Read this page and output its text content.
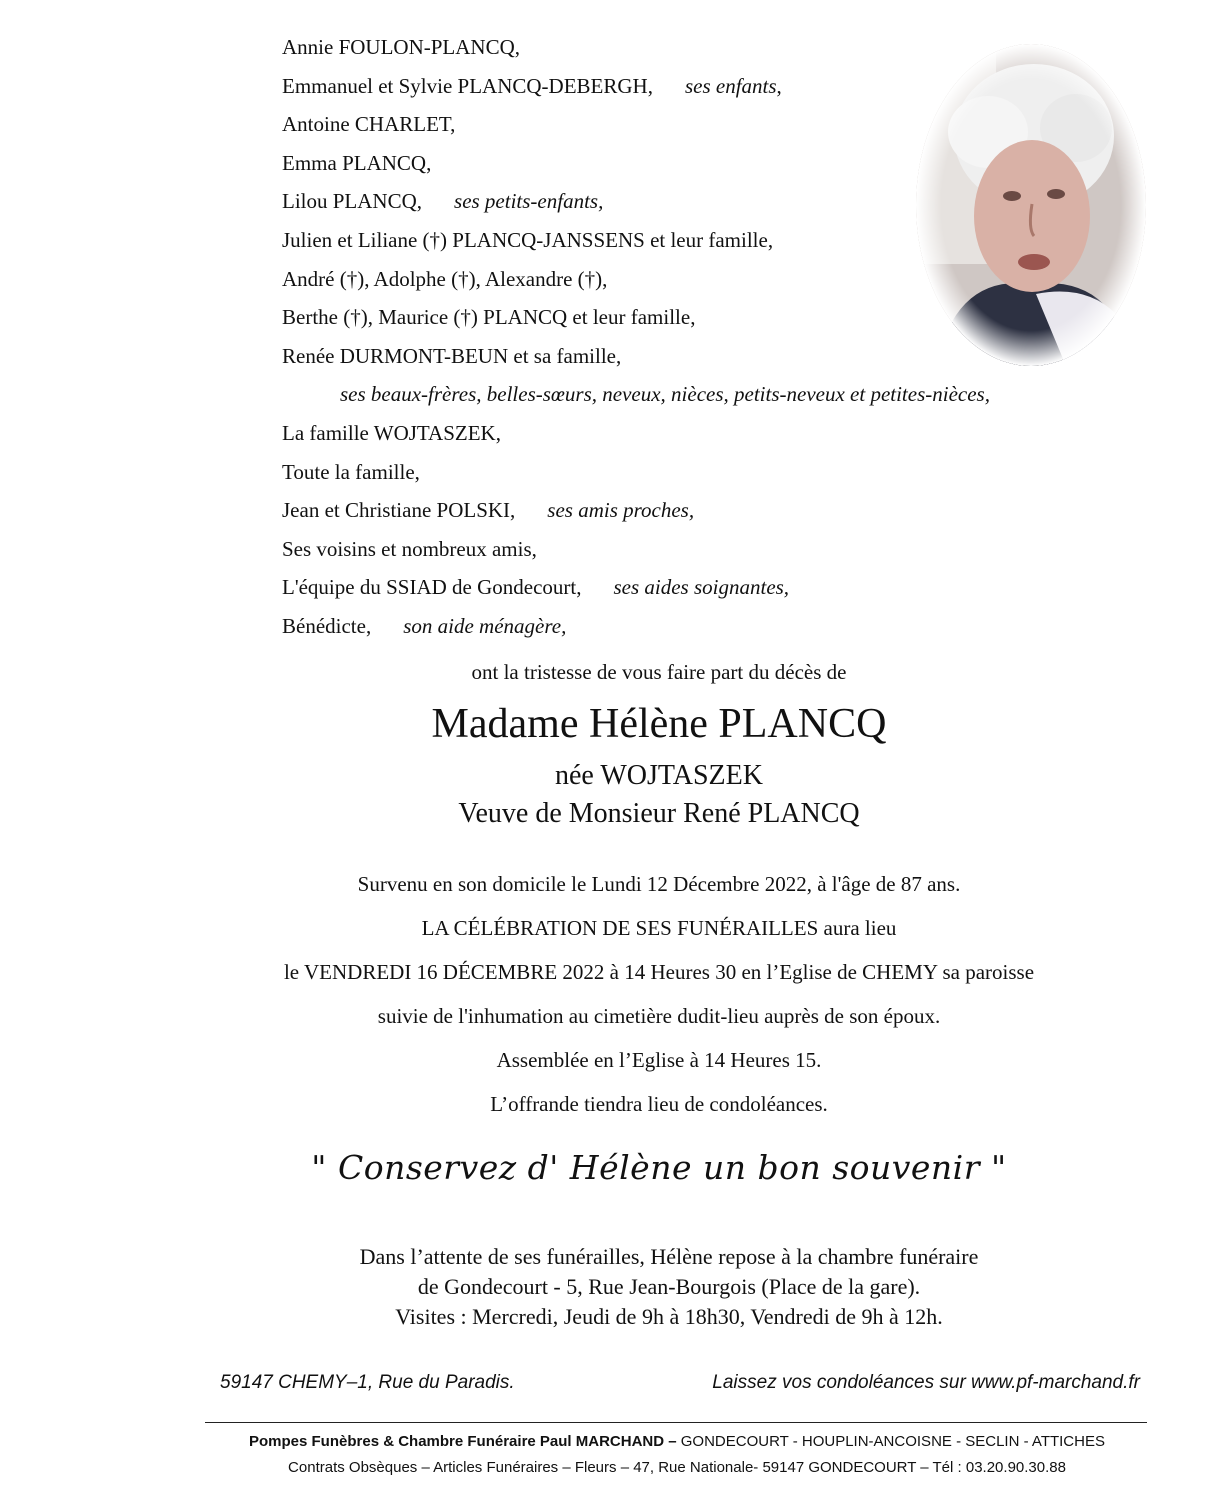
Annie FOULON-PLANCQ,
Emmanuel et Sylvie PLANCQ-DEBERGH, ses enfants,
Antoine CHARLET,
Emma PLANCQ,
Lilou PLANCQ, ses petits-enfants,
Julien et Liliane (†) PLANCQ-JANSSENS et leur famille,
André (†), Adolphe (†), Alexandre (†),
Berthe (†), Maurice (†) PLANCQ et leur famille,
Renée DURMONT-BEUN et sa famille,
ses beaux-frères, belles-sœurs, neveux, nièces, petits-neveux et petites-nièces,
La famille WOJTASZEK,
Toute la famille,
Jean et Christiane POLSKI, ses amis proches,
Ses voisins et nombreux amis,
L'équipe du SSIAD de Gondecourt, ses aides soignantes,
Bénédicte, son aide ménagère,
ont la tristesse de vous faire part du décès de
Madame Hélène PLANCQ
née WOJTASZEK
Veuve de Monsieur René PLANCQ
Survenu en son domicile le Lundi 12 Décembre 2022, à l'âge de 87 ans.
LA CÉLÉBRATION DE SES FUNÉRAILLES aura lieu
le VENDREDI 16 DÉCEMBRE 2022 à 14 Heures 30 en l’Eglise de CHEMY sa paroisse
suivie de l'inhumation au cimetière dudit-lieu auprès de son époux.
Assemblée en l’Eglise à 14 Heures 15.
L’offrande tiendra lieu de condoléances.
" Conservez d' Hélène un bon souvenir "
Dans l’attente de ses funérailles, Hélène repose à la chambre funéraire
de Gondecourt - 5, Rue Jean-Bourgois (Place de la gare).
Visites : Mercredi, Jeudi de 9h à 18h30, Vendredi de 9h à 12h.
59147 CHEMY–1, Rue du Paradis.	Laissez vos condoléances sur www.pf-marchand.fr
Pompes Funèbres & Chambre Funéraire Paul MARCHAND – GONDECOURT - HOUPLIN-ANCOISNE - SECLIN - ATTICHES
Contrats Obsèques – Articles Funéraires – Fleurs – 47, Rue Nationale- 59147 GONDECOURT – Tél : 03.20.90.30.88
